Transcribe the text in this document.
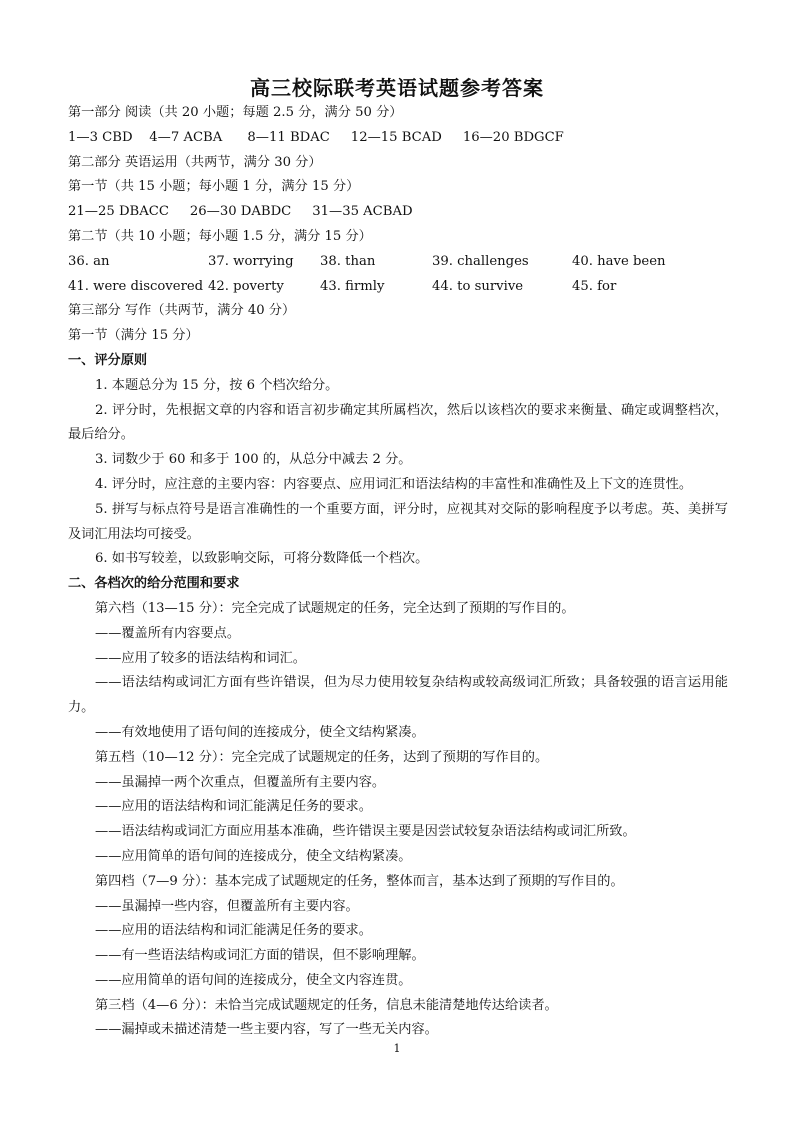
高三校际联考英语试题参考答案
第一部分 阅读（共 20 小题；每题 2.5 分，满分 50 分）
1—3 CBD    4—7 ACBA      8—11 BDAC     12—15 BCAD     16—20 BDGCF
第二部分 英语运用（共两节，满分 30 分）
第一节（共 15 小题；每小题 1 分，满分 15 分）
21—25 DBACC     26—30 DABDC     31—35 ACBAD
第二节（共 10 小题；每小题 1.5 分，满分 15 分）
36. an	37. worrying	38. than	39. challenges	40. have been
41. were discovered 42. poverty	43. firmly	44. to survive	45. for
第三部分 写作（共两节，满分 40 分）
第一节（满分 15 分）
一、评分原则
1. 本题总分为 15 分，按 6 个档次给分。
2. 评分时，先根据文章的内容和语言初步确定其所属档次，然后以该档次的要求来衡量、确定或调整档次，最后给分。
3. 词数少于 60 和多于 100 的，从总分中减去 2 分。
4. 评分时，应注意的主要内容：内容要点、应用词汇和语法结构的丰富性和准确性及上下文的连贯性。
5. 拼写与标点符号是语言准确性的一个重要方面，评分时，应视其对交际的影响程度予以考虑。英、美拼写及词汇用法均可接受。
6. 如书写较差，以致影响交际，可将分数降低一个档次。
二、各档次的给分范围和要求
第六档（13—15 分）：完全完成了试题规定的任务，完全达到了预期的写作目的。
——覆盖所有内容要点。
——应用了较多的语法结构和词汇。
——语法结构或词汇方面有些许错误，但为尽力使用较复杂结构或较高级词汇所致；具备较强的语言运用能力。
——有效地使用了语句间的连接成分，使全文结构紧凑。
第五档（10—12 分）：完全完成了试题规定的任务，达到了预期的写作目的。
——虽漏掉一两个次重点，但覆盖所有主要内容。
——应用的语法结构和词汇能满足任务的要求。
——语法结构或词汇方面应用基本准确，些许错误主要是因尝试较复杂语法结构或词汇所致。
——应用简单的语句间的连接成分，使全文结构紧凑。
第四档（7—9 分）：基本完成了试题规定的任务，整体而言，基本达到了预期的写作目的。
——虽漏掉一些内容，但覆盖所有主要内容。
——应用的语法结构和词汇能满足任务的要求。
——有一些语法结构或词汇方面的错误，但不影响理解。
——应用简单的语句间的连接成分，使全文内容连贯。
第三档（4—6 分）：未恰当完成试题规定的任务，信息未能清楚地传达给读者。
——漏掉或未描述清楚一些主要内容，写了一些无关内容。
1
